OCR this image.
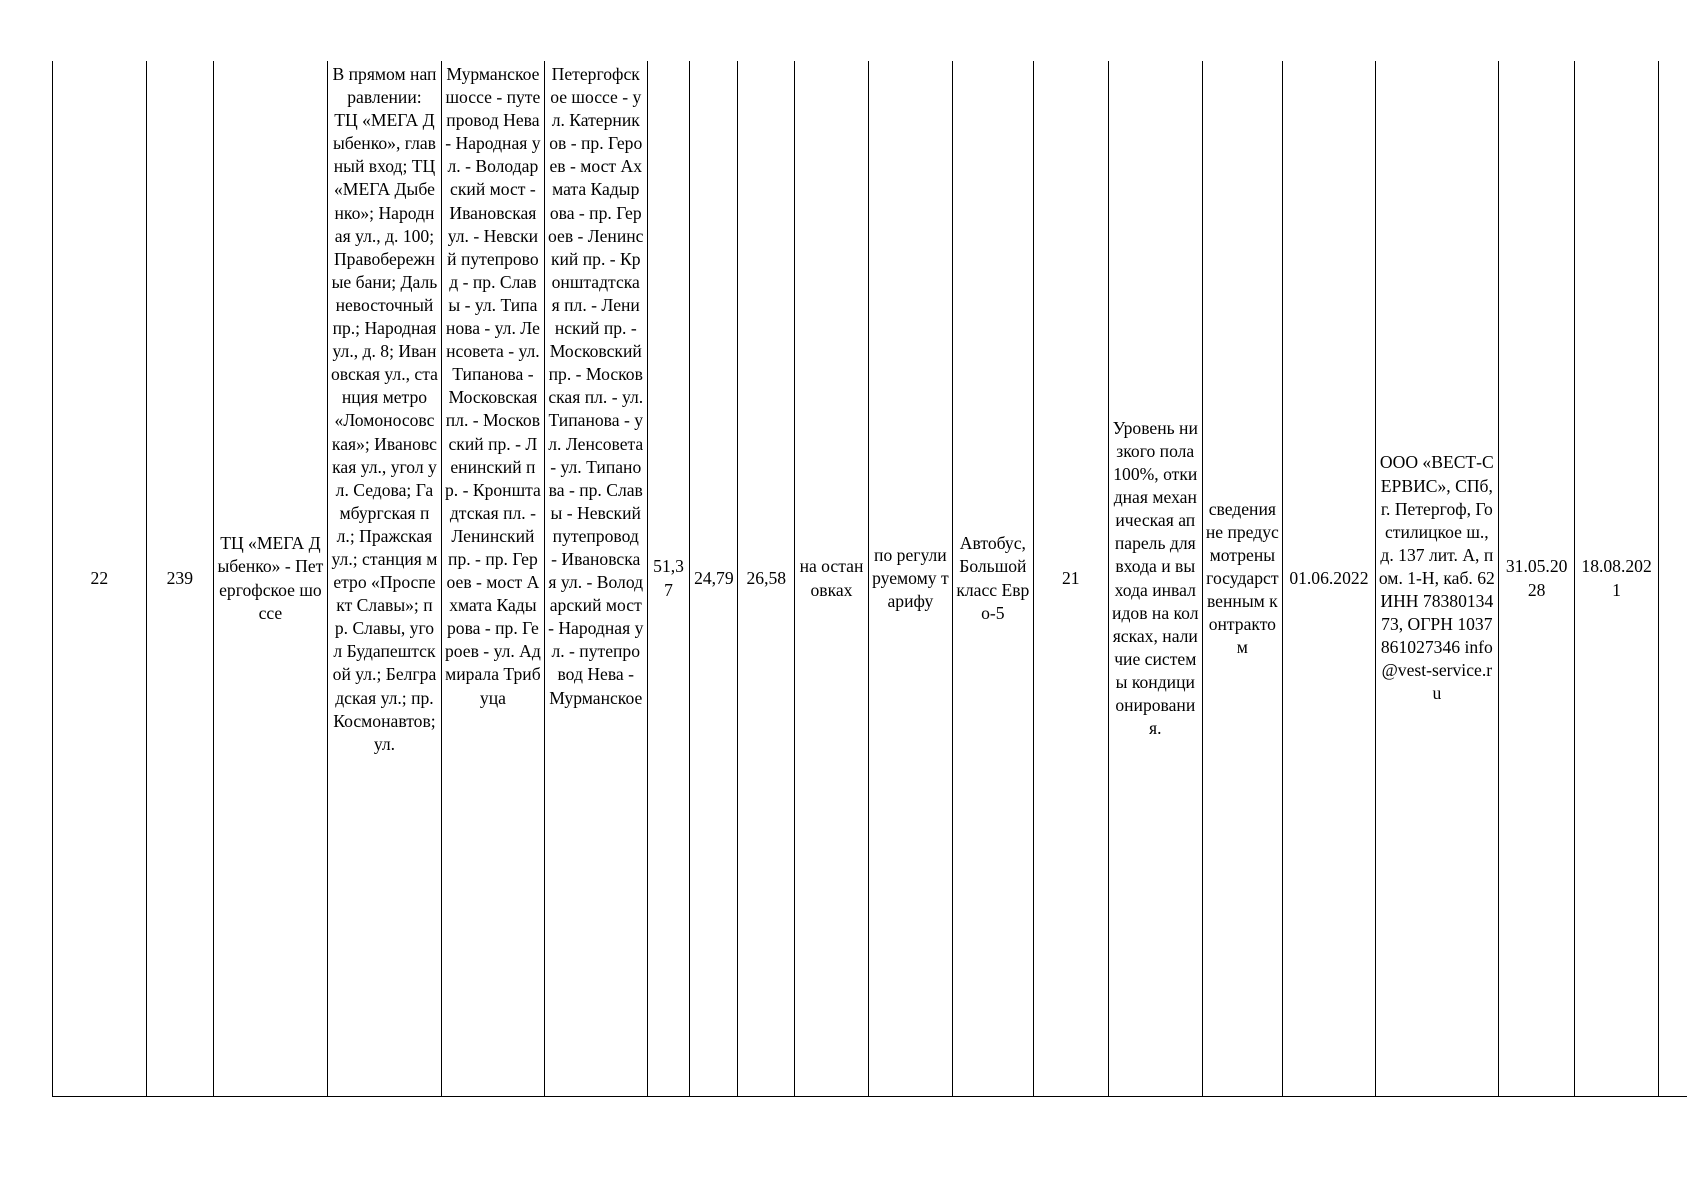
22	239	ТЦ «МЕГА Дыбенко» - Петергофское шоссе	В прямом направлении:
ТЦ «МЕГА Дыбенко», главный вход; ТЦ «МЕГА Дыбенко»; Народная ул., д. 100; Правобережные бани; Дальневосточный пр.; Народная ул., д. 8; Ивановская ул., станция метро «Ломоносовская»; Ивановская ул., угол ул. Седова; Гамбургская пл.; Пражская ул.; станция метро «Проспект Славы»; пр. Славы, угол Будапештской ул.; Белградская ул.; пр. Космонавтов; ул.	Мурманское шоссе - путепровод Нева - Народная ул. - Володарский мост - Ивановская ул. - Невский путепровод - пр. Славы - ул. Типанова - ул. Ленсовета - ул. Типанова - Московская пл. - Московский пр. - Ленинский пр. - Кронштадтская пл. - Ленинский пр. - пр. Героев - мост Ахмата Кадырова - пр. Героев - ул. Адмирала Трибуца	Петергофское шоссе - ул. Катерников - пр. Героев - мост Ахмата Кадырова - пр. Героев - Ленинский пр. - Кронштадтская пл. - Ленинский пр. - Московский пр. - Московская пл. - ул. Типанова - ул. Ленсовета - ул. Типанова - пр. Славы - Невский путепровод - Ивановская ул. - Володарский мост - Народная ул. - путепровод Нева - Мурманское	51,37	24,79	26,58	на остановках	по регулируемому тарифу	Автобус, Большой класс Евро-5	21	Уровень низкого пола 100%, откидная механическая аппарель для входа и выхода инвалидов на колясках, наличие системы кондиционирования.	сведения не предусмотрены государственным контрактом	01.06.2022	ООО «ВЕСТ-СЕРВИС», СПб, г. Петергоф, Гостилицкое ш., д. 137 лит. А, пом. 1-Н, каб. 62 ИНН 7838013473, ОГРН 1037861027346 info@vest-service.ru	31.05.2028	18.08.2021	
